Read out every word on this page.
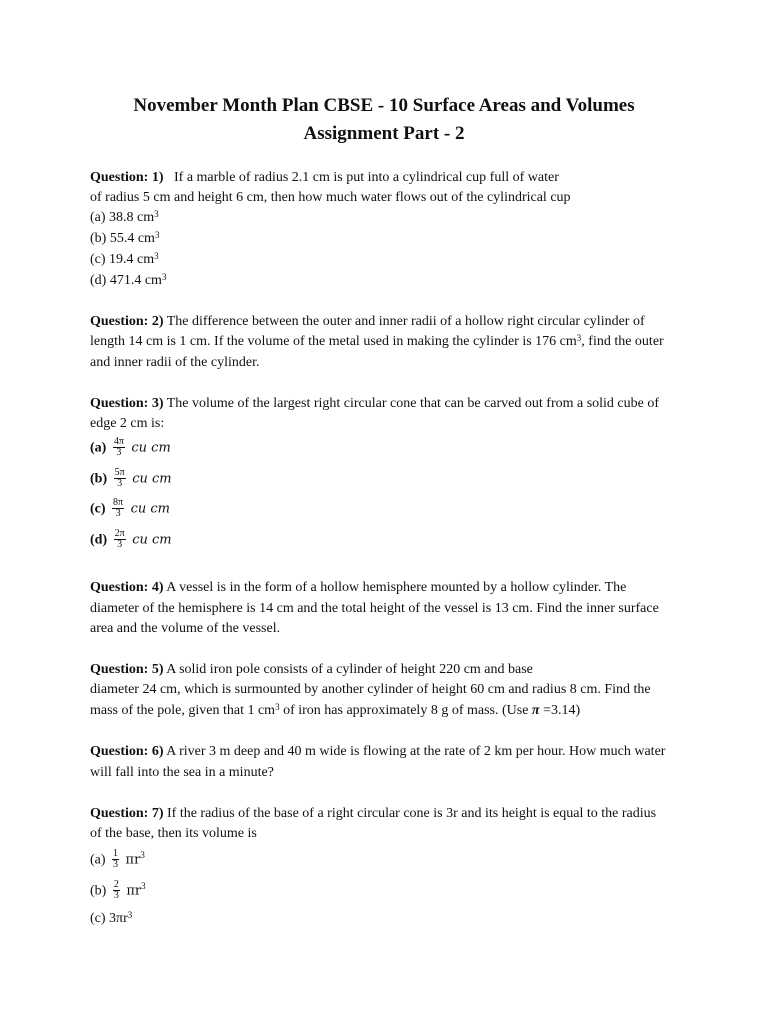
November Month Plan CBSE - 10 Surface Areas and Volumes
Assignment Part - 2
Question: 1) If a marble of radius 2.1 cm is put into a cylindrical cup full of water
of radius 5 cm and height 6 cm, then how much water flows out of the cylindrical cup
(a) 38.8 $cm^3$
(b) 55.4 $cm^3$
(c) 19.4 $cm^3$
(d) 471.4 $cm^3$
Question: 2) The difference between the outer and inner radii of a hollow right circular cylinder of
length 14 cm is 1 cm. If the volume of the metal used in making the cylinder is 176 $cm^3$, find the outer
and inner radii of the cylinder.
Question: 3) The volume of the largest right circular cone that can be carved out from a solid cube of
edge 2 cm is:
$(a) \frac{4\pi}{3}$ cu cm
$(b) \frac{5\pi}{3}$ cu cm
$(c) \frac{8\pi}{3}$ cu cm
$(d) \frac{2\pi}{3}$ cu cm
Question: 4) A vessel is in the form of a hollow hemisphere mounted by a hollow cylinder. The
diameter of the hemisphere is 14 cm and the total height of the vessel is 13 cm. Find the inner surface
area and the volume of the vessel.
Question: 5) A solid iron pole consists of a cylinder of height 220 cm and base
diameter 24 cm, which is surmounted by another cylinder of height 60 cm and radius 8 cm. Find the
mass of the pole, given that 1 $cm^3$ of iron has approximately 8 g of mass. (Use π =3.14)
Question: 6) A river 3 m deep and 40 m wide is flowing at the rate of 2 km per hour. How much water
will fall into the sea in a minute?
Question: 7) If the radius of the base of a right circular cone is 3r and its height is equal to the radius
of the base, then its volume is
$(a) \frac{1}{3} \pi r^3$
$(b) \frac{2}{3} \pi r^3$
(c) $3\pi r^3$
